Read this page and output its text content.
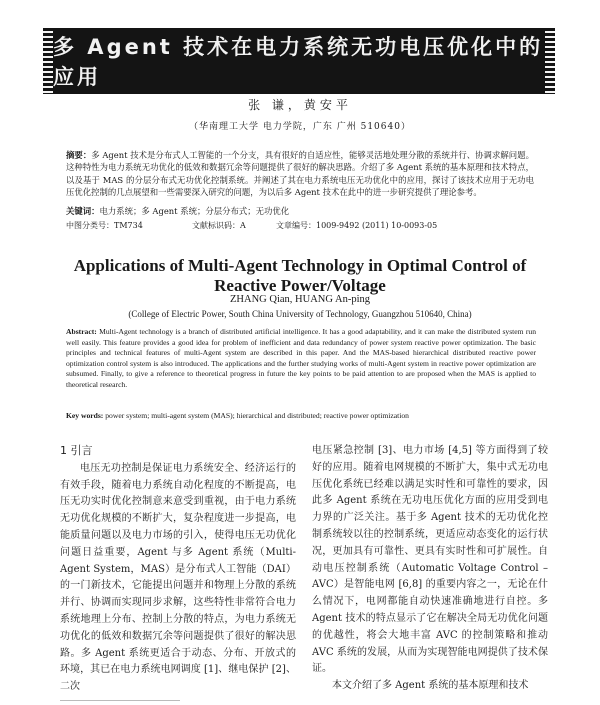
多 Agent 技术在电力系统无功电压优化中的应用
张 谦，黄安平
（华南理工大学 电力学院，广东 广州 510640）
摘要：多 Agent 技术是分布式人工智能的一个分支，具有很好的自适应性，能够灵活地处理分散的系统并行、协调求解问题。这种特性为电力系统无功优化的低效和数据冗余等问题提供了很好的解决思路。介绍了多 Agent 系统的基本原理和技术特点，以及基于 MAS 的分层分布式无功优化控制系统。并阐述了其在电力系统电压无功优化中的应用，探讨了该技术应用于无功电压优化控制的几点展望和一些需要深入研究的问题，为以后多 Agent 技术在此中的进一步研究提供了理论参考。
关键词：电力系统；多 Agent 系统；分层分布式；无功优化
中图分类号：TM734	文献标识码：A	文章编号：1009-9492 (2011) 10-0093-05
Applications of Multi-Agent Technology in Optimal Control of Reactive Power/Voltage
ZHANG Qian, HUANG An-ping
(College of Electric Power, South China University of Technology, Guangzhou 510640, China)
Abstract: Multi-Agent technology is a branch of distributed artificial intelligence. It has a good adaptability, and it can make the distributed system run well easily. This feature provides a good idea for problem of inefficient and data redundancy of power system reactive power optimization. The basic principles and technical features of multi-Agent system are described in this paper. And the MAS-based hierarchical distributed reactive power optimization control system is also introduced. The applications and the further studying works of multi-Agent system in reactive power optimization are subsumed. Finally, to give a reference to theoretical progress in future the key points to be paid attention to are proposed when the MAS is applied to theoretical research.
Key words: power system; multi-agent system (MAS); hierarchical and distributed; reactive power optimization
1 引言

电压无功控制是保证电力系统安全、经济运行的有效手段，随着电力系统自动化程度的不断提高，电压无功实时优化控制意来意受到重视，由于电力系统无功优化规模的不断扩大，复杂程度进一步提高，电能质量问题以及电力市场的引入，使得电压无功优化问题日益重要，Agent 与多 Agent 系统（Multi-Agent System，MAS）是分布式人工智能（DAI）的一门新技术，它能提出问题并和物理上分散的系统并行、协调而实现同步求解，这些特性非常符合电力系统地理上分布、控制上分散的特点，为电力系统无功优化的低效和数据冗余等问题提供了很好的解决思路。多 Agent 系统更适合于动态、分布、开放式的环境，其已在电力系统电网调度 [1]、继电保护 [2]、二次

电压紧急控制 [3]、电力市场 [4,5] 等方面得到了较好的应用。随着电网规模的不断扩大，集中式无功电压优化系统已经难以满足实时性和可靠性的要求，因此多 Agent 系统在无功电压优化方面的应用受到电力界的广泛关注。基于多 Agent 技术的无功优化控制系统较以往的控制系统，更适应动态变化的运行状况，更加具有可靠性、更具有实时性和可扩展性。自动电压控制系统（Automatic Voltage Control –AVC）是智能电网 [6,8] 的重要内容之一，无论在什么情况下，电网都能自动快速准确地进行自控。多 Agent 技术的特点显示了它在解决全局无功优化问题的优越性，将会大地丰富 AVC 的控制策略和推动 AVC 系统的发展，从而为实现智能电网提供了技术保证。

本文介绍了多 Agent 系统的基本原理和技术
